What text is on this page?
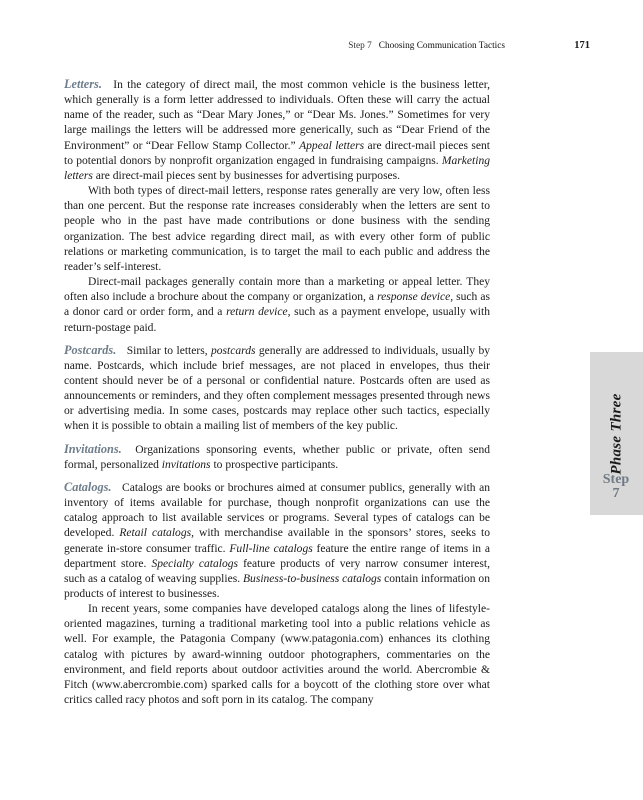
Step 7 Choosing Communication Tactics	171

Letters. In the category of direct mail, the most common vehicle is the business letter, which generally is a form letter addressed to individuals. Often these will carry the actual name of the reader, such as “Dear Mary Jones,” or “Dear Ms. Jones.” Sometimes for very large mailings the letters will be addressed more generically, such as “Dear Friend of the Environment” or “Dear Fellow Stamp Collector.” Appeal letters are direct-mail pieces sent to potential donors by nonprofit organization engaged in fundraising campaigns. Marketing letters are direct-mail pieces sent by businesses for advertising purposes.

With both types of direct-mail letters, response rates generally are very low, often less than one percent. But the response rate increases considerably when the letters are sent to people who in the past have made contributions or done business with the sending organization. The best advice regarding direct mail, as with every other form of public relations or marketing communication, is to target the mail to each public and address the reader’s self-interest.

Direct-mail packages generally contain more than a marketing or appeal letter. They often also include a brochure about the company or organization, a response device, such as a donor card or order form, and a return device, such as a payment envelope, usually with return-postage paid.

Postcards. Similar to letters, postcards generally are addressed to individuals, usually by name. Postcards, which include brief messages, are not placed in envelopes, thus their content should never be of a personal or confidential nature. Postcards often are used as announcements or reminders, and they often complement messages presented through news or advertising media. In some cases, postcards may replace other such tactics, especially when it is possible to obtain a mailing list of members of the key public.

Invitations. Organizations sponsoring events, whether public or private, often send formal, personalized invitations to prospective participants.

Catalogs. Catalogs are books or brochures aimed at consumer publics, generally with an inventory of items available for purchase, though nonprofit organizations can use the catalog approach to list available services or programs. Several types of catalogs can be developed. Retail catalogs, with merchandise available in the sponsors’ stores, seeks to generate in-store consumer traffic. Full-line catalogs feature the entire range of items in a department store. Specialty catalogs feature products of very narrow consumer interest, such as a catalog of weaving supplies. Business-to-business catalogs contain information on products of interest to businesses.

In recent years, some companies have developed catalogs along the lines of lifestyle-oriented magazines, turning a traditional marketing tool into a public relations vehicle as well. For example, the Patagonia Company (www.patagonia.com) enhances its clothing catalog with pictures by award-winning outdoor photographers, commentaries on the environment, and field reports about outdoor activities around the world. Abercrombie & Fitch (www.abercrombie.com) sparked calls for a boycott of the clothing store over what critics called racy photos and soft porn in its catalog. The company

Phase Three
Step
7
